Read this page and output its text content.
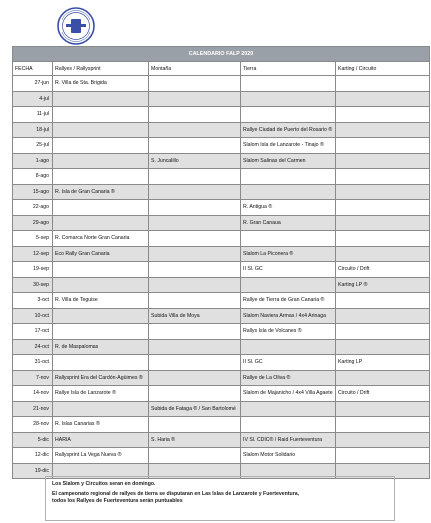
CALENDARIO FALP 2020				
FECHA	Rallyes / Rallysprint	Montaña	Tierra	Karting / Circuito
27-jun	R. Villa de Sta. Brigida			
4-jul				
11-jul				
18-jul			Rallye Ciudad de Puerto del Rosario ®	
25-jul			Slalom Isla de Lanzarote - Tinajo ®	
1-ago		S. Juncalillo	Slalom Salinas del Carmen	
8-ago				
15-ago	R. Isla de Gran Canaria ®			
22-ago			R. Antigua ®	
29-ago			R. Gran Canaua	
5-sep	R. Comarca Norte Gran Canaria			
12-sep	Eco Rally Gran Canaria		Slalom La Piconera ®	
19-sep			II Sl. GC	Circuito / Drift
30-sep				Karting LP ®
3-oct	R. Villa de Teguise		Rallye de Tierra de Gran Canaria ®	
10-oct		Subida Villa de Moya	Slalom Naviera Armas / 4x4 Arinaga	
17-oct			Rallys Isla de Volcanes ®	
24-oct	R. de Maspalomas			
31-oct			II Sl. GC	Karting LP
7-nov	Rallysprint Era del Cardón-Agüimes ®		Rallye de La Oliva ®	
14-nov	Rallye Isla de Lanzarote ®		Slalom de Majanicho / 4x4 Villa Agaete	Circuito / Drift
21-nov		Subida de Fataga ® / San Bartolomé		
28-nov	R. Islas Canarias ®			
5-dic	HARIA	S. Haria ®	IV Sl. CDIC® / Raid Fuerteventura	
12-dic	Rallysprint La Vega Nueva ®		Slalom Motor Solidario	
19-dic				

Los Slalom y Circuitos seran en domingo.

El campeonato regional de rallyes de tierra se disputaran en Las Islas de Lanzarote y Fuerteventura,
todos los Rallyes de Fuerteventura serán puntuables
